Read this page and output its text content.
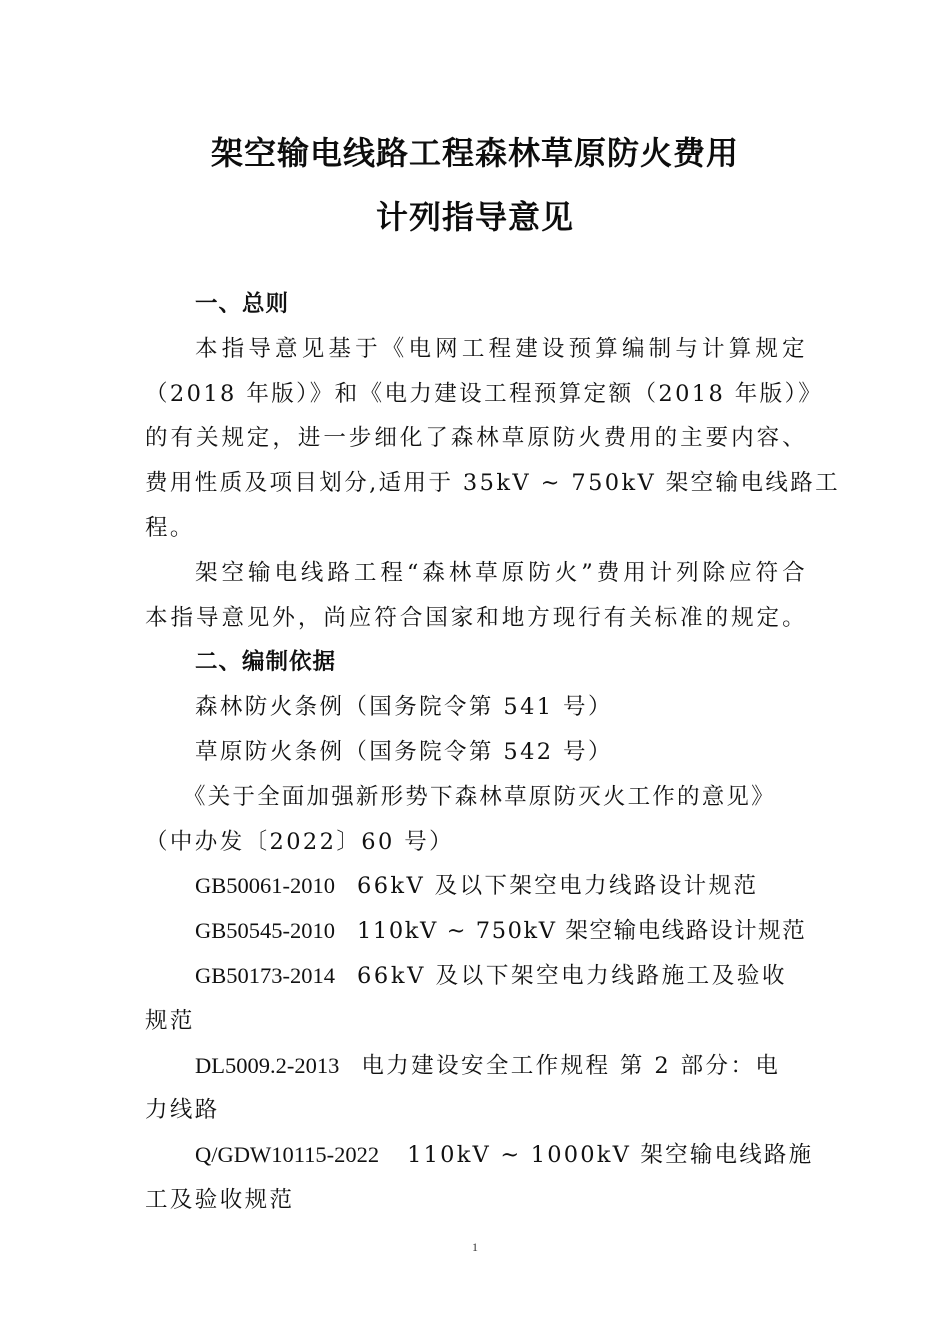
架空输电线路工程森林草原防火费用
计列指导意见
一、总则
本指导意见基于《电网工程建设预算编制与计算规定
（2018 年版）》和《电力建设工程预算定额（2018 年版）》
的有关规定，进一步细化了森林草原防火费用的主要内容、
费用性质及项目划分,适用于 35kV ~ 750kV 架空输电线路工
程。
架空输电线路工程“森林草原防火”费用计列除应符合
本指导意见外，尚应符合国家和地方现行有关标准的规定。
二、编制依据
森林防火条例（国务院令第 541 号）
草原防火条例（国务院令第 542 号）
《关于全面加强新形势下森林草原防灭火工作的意见》
（中办发〔2022〕60 号）
GB50061-2010 66kV 及以下架空电力线路设计规范
GB50545-2010 110kV ~ 750kV 架空输电线路设计规范
GB50173-2014 66kV 及以下架空电力线路施工及验收
规范
DL5009.2-2013 电力建设安全工作规程 第 2 部分：电
力线路
Q/GDW10115-2022 110kV ~ 1000kV 架空输电线路施
工及验收规范
1
